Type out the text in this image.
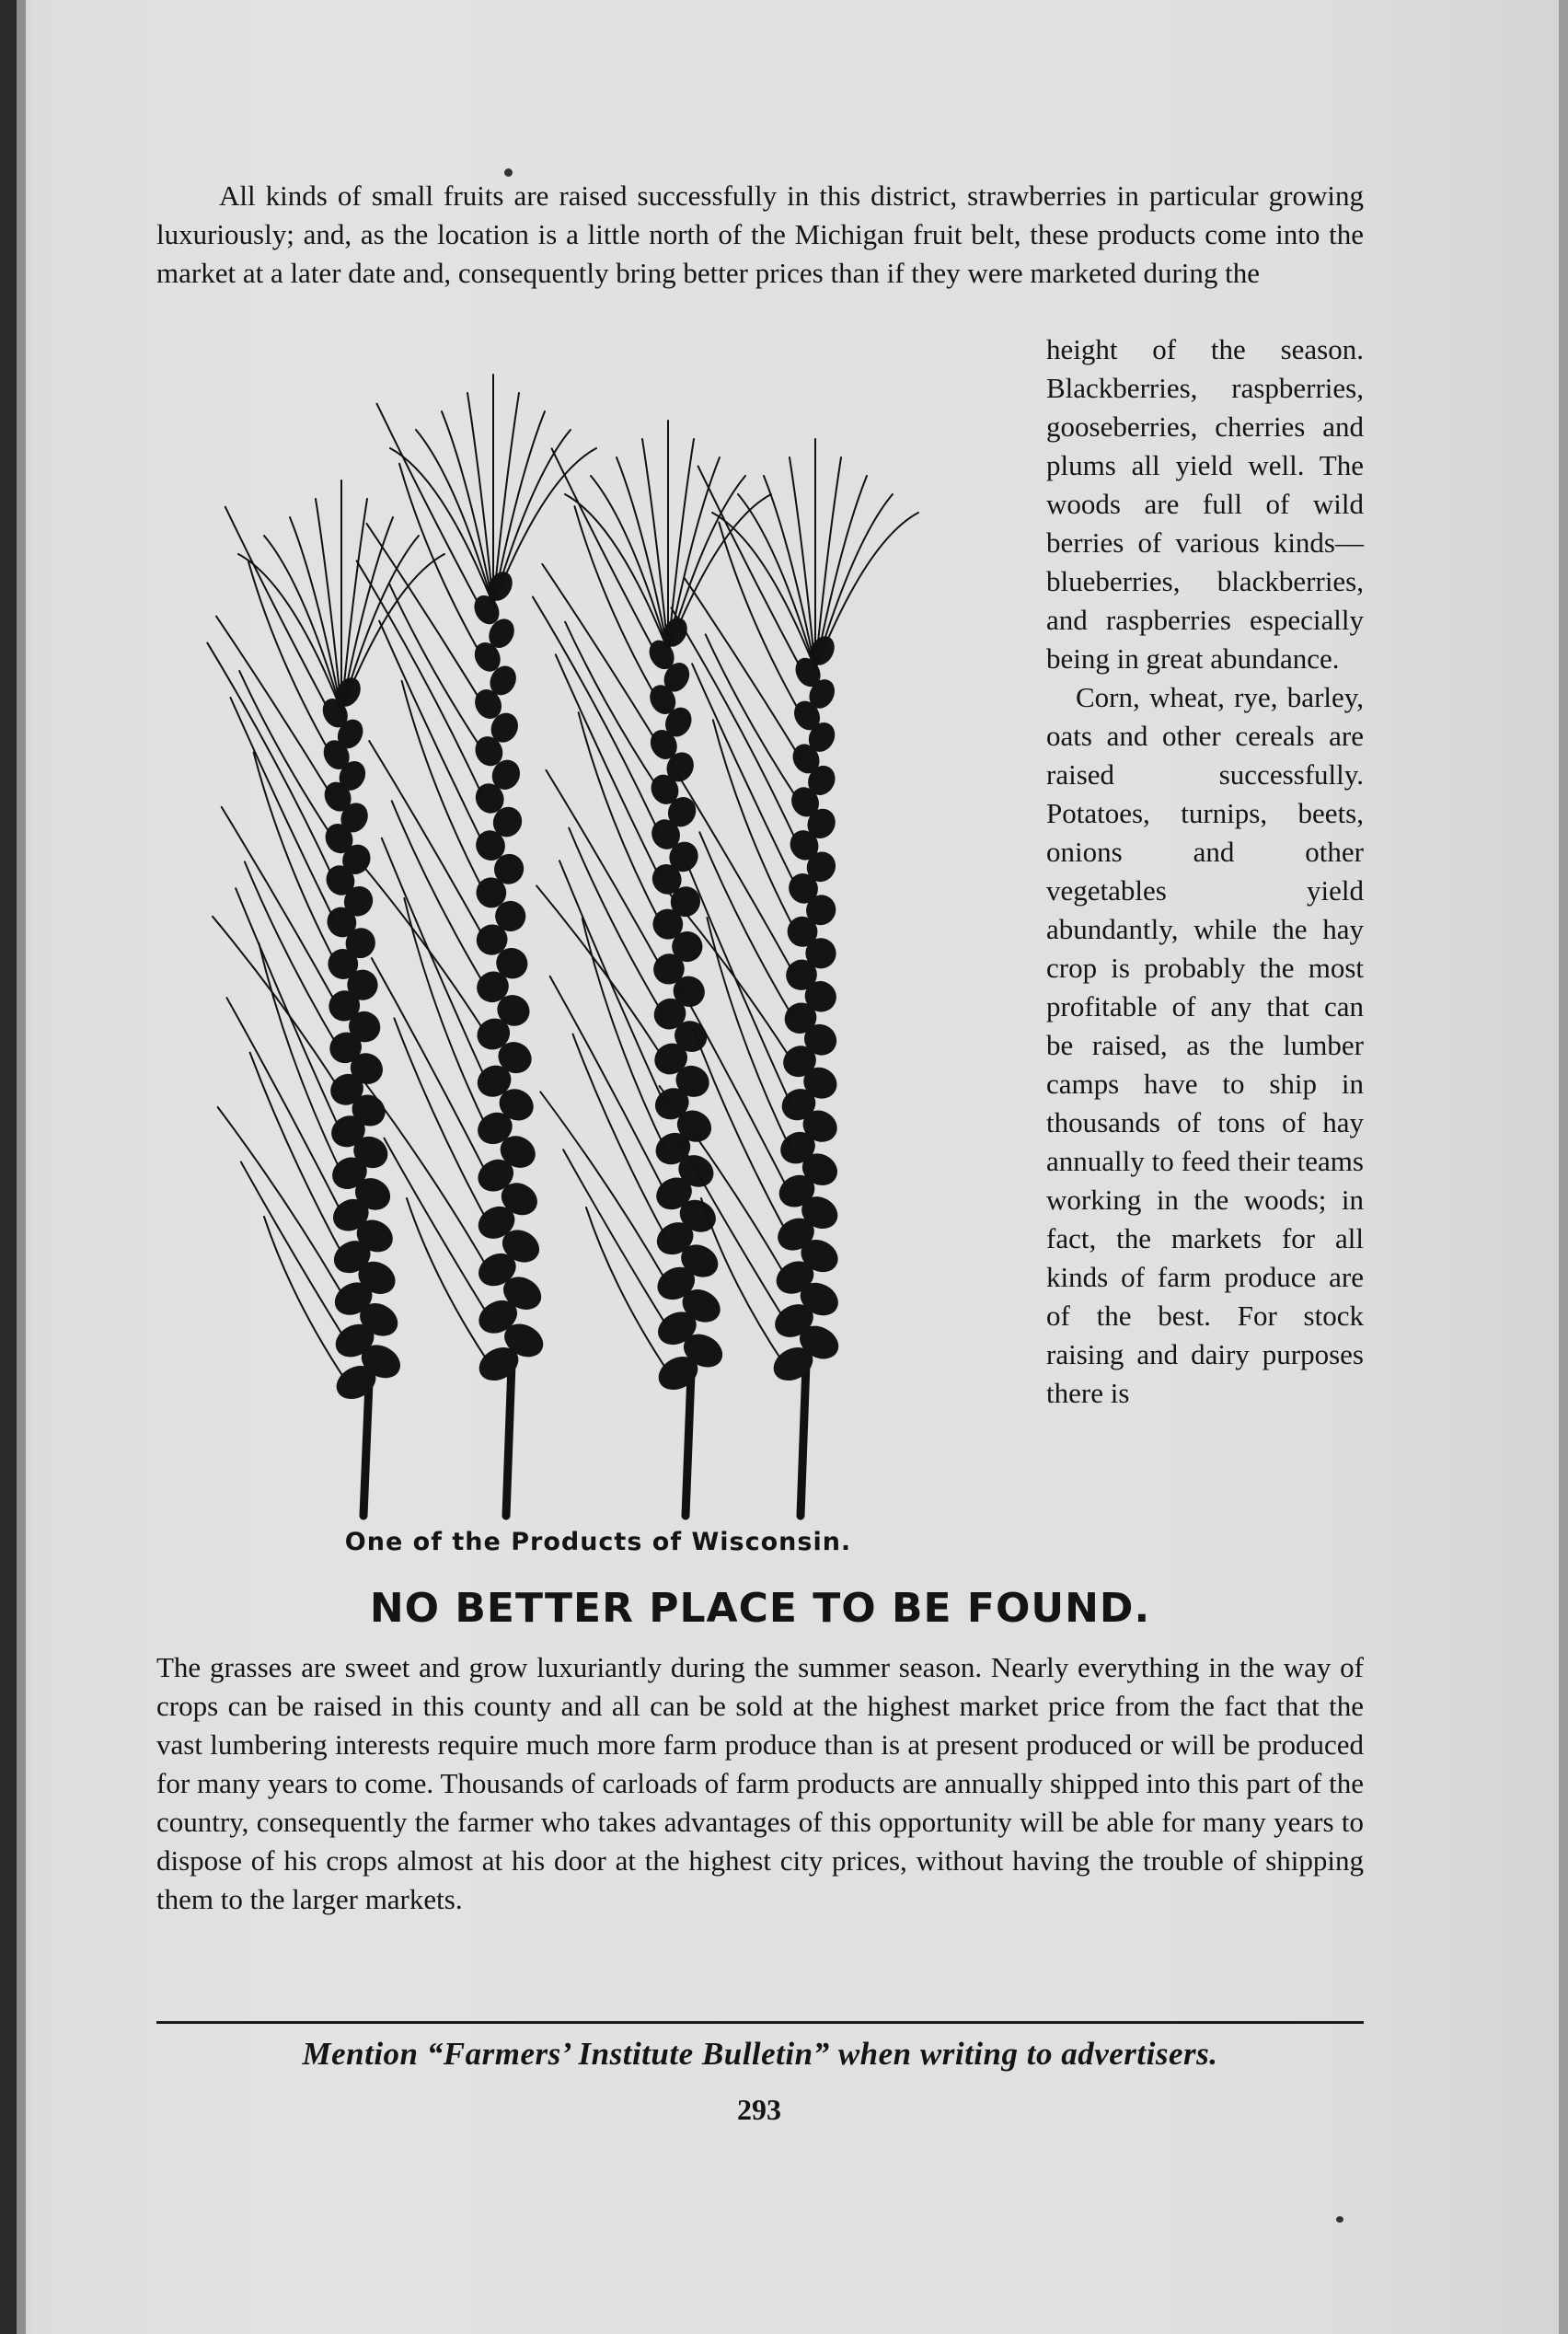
All kinds of small fruits are raised successfully in this district, strawberries in particular growing luxuriously; and, as the location is a little north of the Michigan fruit belt, these products come into the market at a later date and, consequently bring better prices than if they were marketed during the

One of the Products of Wisconsin.

height of the season. Blackberries, raspberries, gooseberries, cherries and plums all yield well. The woods are full of wild berries of various kinds—blueberries, blackberries, and raspberries especially being in great abundance.

Corn, wheat, rye, barley, oats and other cereals are raised successfully. Potatoes, turnips, beets, onions and other vegetables yield abundantly, while the hay crop is probably the most profitable of any that can be raised, as the lumber camps have to ship in thousands of tons of hay annually to feed their teams working in the woods; in fact, the markets for all kinds of farm produce are of the best. For stock raising and dairy purposes there is

NO BETTER PLACE TO BE FOUND.

The grasses are sweet and grow luxuriantly during the summer season. Nearly everything in the way of crops can be raised in this county and all can be sold at the highest market price from the fact that the vast lumbering interests require much more farm produce than is at present produced or will be produced for many years to come. Thousands of carloads of farm products are annually shipped into this part of the country, consequently the farmer who takes advantages of this opportunity will be able for many years to dispose of his crops almost at his door at the highest city prices, without having the trouble of shipping them to the larger markets.

Mention “Farmers’ Institute Bulletin” when writing to advertisers.
293
